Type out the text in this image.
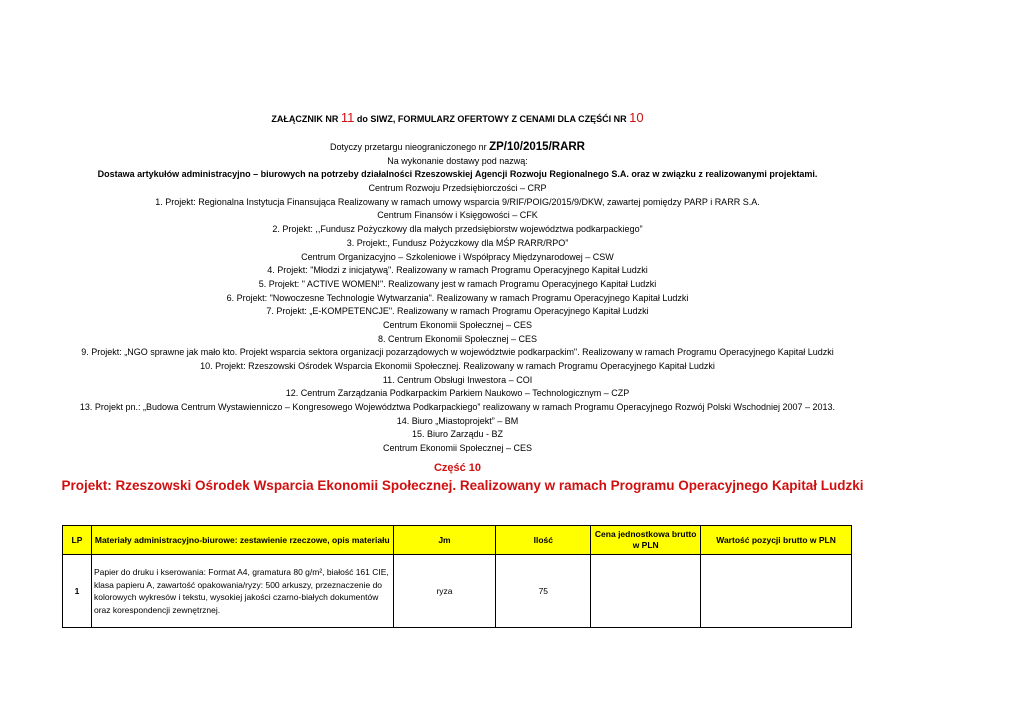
ZAŁĄCZNIK NR 11 do SIWZ, FORMULARZ OFERTOWY Z CENAMI DLA CZĘŚĆI NR 10
Dotyczy przetargu nieograniczonego nr ZP/10/2015/RARR
Na wykonanie dostawy pod nazwą:
Dostawa artykułów administracyjno – biurowych na potrzeby działalności Rzeszowskiej Agencji Rozwoju Regionalnego S.A. oraz w związku z realizowanymi projektami.
Centrum Rozwoju Przedsiębiorczości – CRP
1. Projekt: Regionalna Instytucja Finansująca Realizowany w ramach umowy wsparcia 9/RIF/POIG/2015/9/DKW, zawartej pomiędzy PARP i RARR S.A.
Centrum Finansów i Księgowości – CFK
2. Projekt: ,,Fundusz Pożyczkowy dla małych przedsiębiorstw województwa podkarpackiego”
3. Projekt:, Fundusz Pożyczkowy dla MŚP RARR/RPO”
Centrum Organizacyjno – Szkoleniowe i Współpracy Międzynarodowej – CSW
4. Projekt: "Młodzi z inicjatywą". Realizowany w ramach Programu Operacyjnego Kapitał Ludzki
5. Projekt: " ACTIVE WOMEN!". Realizowany jest w ramach Programu Operacyjnego Kapitał Ludzki
6. Projekt: "Nowoczesne Technologie Wytwarzania". Realizowany w ramach Programu Operacyjnego Kapitał Ludzki
7. Projekt: „E-KOMPETENCJE". Realizowany w ramach Programu Operacyjnego Kapitał Ludzki
Centrum Ekonomii Społecznej – CES
8. Centrum Ekonomii Społecznej – CES
9. Projekt: „NGO sprawne jak mało kto. Projekt wsparcia sektora organizacji pozarządowych w województwie podkarpackim". Realizowany w ramach Programu Operacyjnego Kapitał Ludzki
10. Projekt: Rzeszowski Ośrodek Wsparcia Ekonomii Społecznej. Realizowany w ramach Programu Operacyjnego Kapitał Ludzki
11. Centrum Obsługi Inwestora – COI
12. Centrum Zarządzania Podkarpackim Parkiem Naukowo – Technologicznym – CZP
13. Projekt pn.: „Budowa Centrum Wystawienniczo – Kongresowego Województwa Podkarpackiego” realizowany w ramach Programu Operacyjnego Rozwój Polski Wschodniej 2007 – 2013.
14. Biuro „Miastoprojekt” – BM
15. Biuro Zarządu - BZ
Centrum Ekonomii Społecznej – CES
Część 10
Projekt: Rzeszowski Ośrodek Wsparcia Ekonomii Społecznej. Realizowany w ramach Programu Operacyjnego Kapitał Ludzki
LP	Materiały administracyjno-biurowe: zestawienie rzeczowe, opis materiału	Jm	Ilość	Cena jednostkowa brutto w PLN	Wartość pozycji brutto w PLN
1	Papier do druku i kserowania: Format A4, gramatura 80 g/m², białość 161 CIE, klasa papieru A, zawartość opakowania/ryzy: 500 arkuszy, przeznaczenie do kolorowych wykresów i tekstu, wysokiej jakości czarno-białych dokumentów oraz korespondencji zewnętrznej.	ryza	75		
